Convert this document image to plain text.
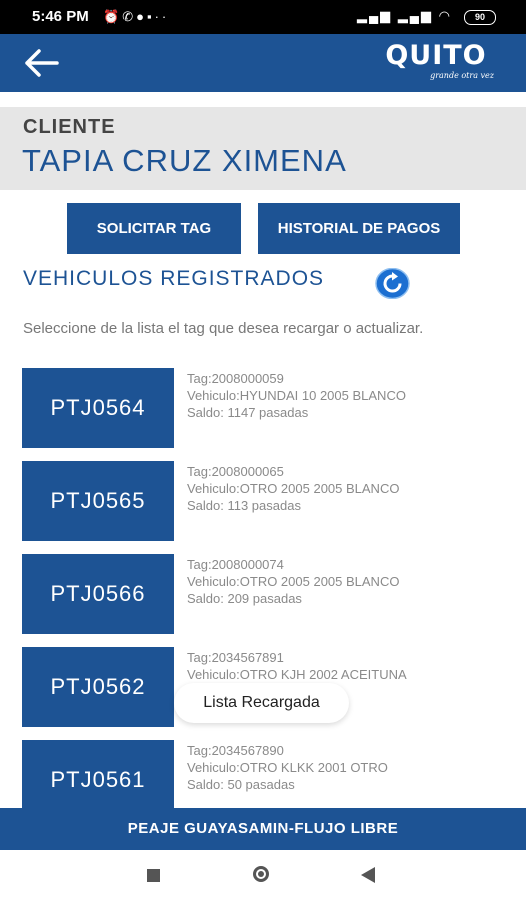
5:46 PM ⏰✆●▪··	▂▄▆ ▂▄▆ ◠	90
QUITO
grande otra vez
CLIENTE
TAPIA CRUZ XIMENA
SOLICITAR TAG	HISTORIAL DE PAGOS
VEHICULOS REGISTRADOS
Seleccione de la lista el tag que desea recargar o actualizar.
PTJ0564
Tag:2008000059
Vehiculo:HYUNDAI 10 2005 BLANCO
Saldo: 1147 pasadas
PTJ0565
Tag:2008000065
Vehiculo:OTRO 2005 2005 BLANCO
Saldo: 113 pasadas
PTJ0566
Tag:2008000074
Vehiculo:OTRO 2005 2005 BLANCO
Saldo: 209 pasadas
PTJ0562
Tag:2034567891
Vehiculo:OTRO KJH 2002 ACEITUNA
PTJ0561
Tag:2034567890
Vehiculo:OTRO KLKK 2001 OTRO
Saldo: 50 pasadas
Lista Recargada
PEAJE GUAYASAMIN-FLUJO LIBRE
